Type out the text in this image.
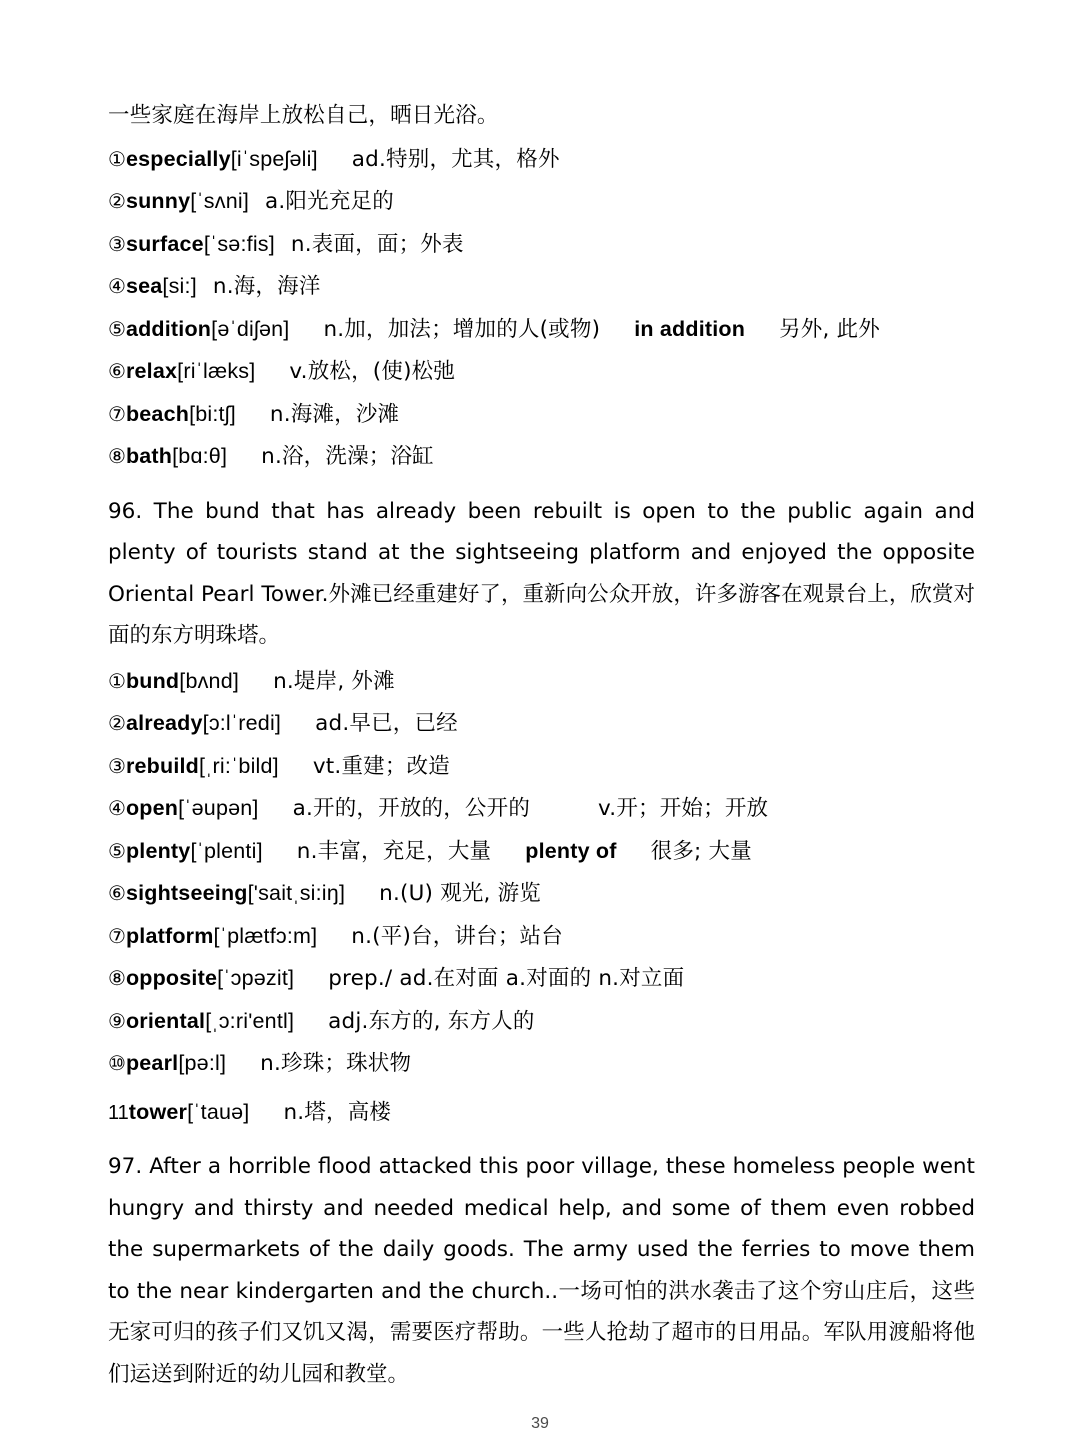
一些家庭在海岸上放松自己，晒日光浴。

①especially[iˈspeʃəli] ad.特别，尤其，格外

②sunny[ˈsʌni] a.阳光充足的

③surface[ˈsə:fis] n.表面，面；外表

④sea[si:] n.海，海洋

⑤addition[əˈdiʃən] n.加，加法；增加的人(或物) in addition 另外, 此外

⑥relax[riˈlæks] v.放松，(使)松弛

⑦beach[bi:tʃ] n.海滩，沙滩

⑧bath[bɑ:θ] n.浴，洗澡；浴缸

96. The bund that has already been rebuilt is open to the public again and plenty of tourists stand at the sightseeing platform and enjoyed the opposite Oriental Pearl Tower.外滩已经重建好了，重新向公众开放，许多游客在观景台上，欣赏对面的东方明珠塔。

①bund[bʌnd] n.堤岸, 外滩

②already[ɔ:lˈredi] ad.早已，已经

③rebuild[ˌri:ˈbild] vt.重建；改造

④open[ˈəupən] a.开的，开放的，公开的	v.开；开始；开放

⑤plenty[ˈplenti] n.丰富，充足，大量 plenty of 很多; 大量

⑥sightseeing['saitˌsi:iŋ] n.(U) 观光, 游览

⑦platform[ˈplætfɔ:m] n.(平)台，讲台；站台

⑧opposite[ˈɔpəzit] prep./ ad.在对面 a.对面的 n.对立面

⑨oriental[ˌɔ:ri'entl] adj.东方的, 东方人的

⑩pearl[pə:l] n.珍珠；珠状物

11tower[ˈtauə] n.塔，高楼

97. After a horrible flood attacked this poor village, these homeless people went hungry and thirsty and needed medical help, and some of them even robbed the supermarkets of the daily goods. The army used the ferries to move them to the near kindergarten and the church..一场可怕的洪水袭击了这个穷山庄后，这些无家可归的孩子们又饥又渴，需要医疗帮助。一些人抢劫了超市的日用品。军队用渡船将他们运送到附近的幼儿园和教堂。

39
